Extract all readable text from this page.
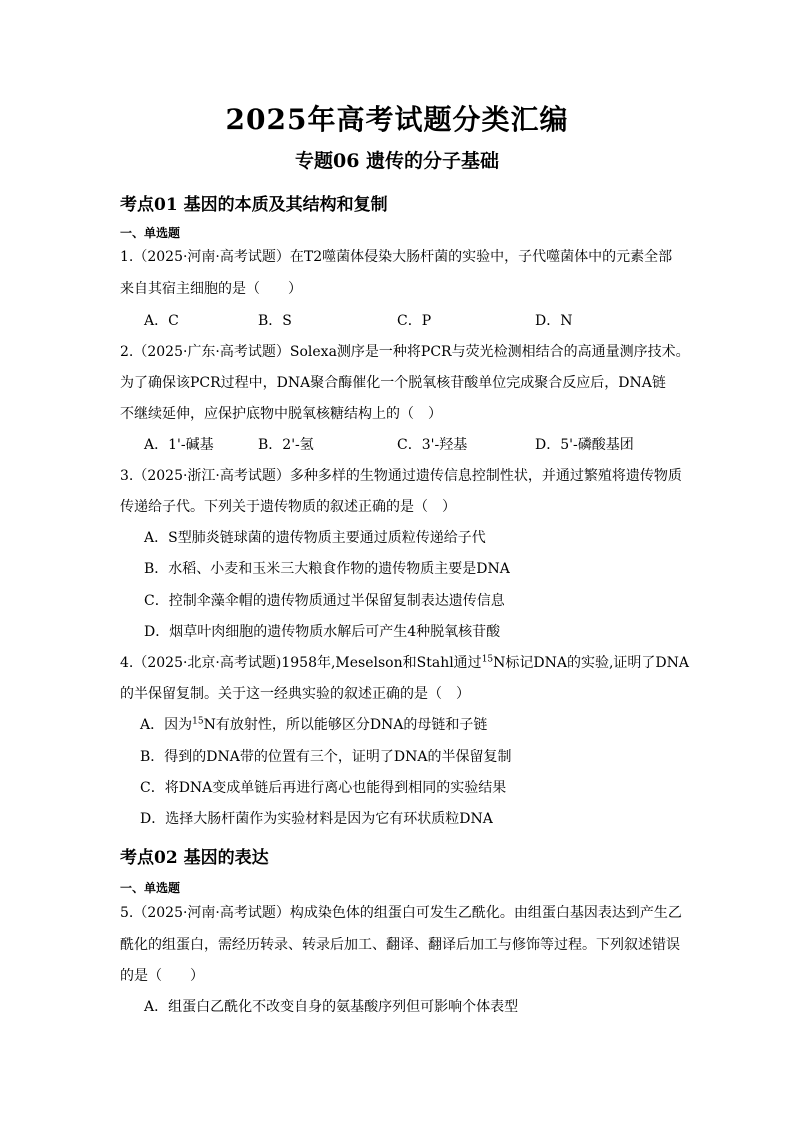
2025年高考试题分类汇编
专题06 遗传的分子基础
考点01 基因的本质及其结构和复制
一、单选题
1.（2025·河南·高考试题）在T2噬菌体侵染大肠杆菌的实验中，子代噬菌体中的元素全部
来自其宿主细胞的是（　　）
A．C	B．S	C．P	D．N
2.（2025·广东·高考试题）Solexa测序是一种将PCR与荧光检测相结合的高通量测序技术。
为了确保该PCR过程中，DNA聚合酶催化一个脱氧核苷酸单位完成聚合反应后，DNA链
不继续延伸，应保护底物中脱氧核糖结构上的（　）
A．1'-碱基	B．2'-氢	C．3'-羟基	D．5'-磷酸基团
3.（2025·浙江·高考试题）多种多样的生物通过遗传信息控制性状，并通过繁殖将遗传物质
传递给子代。下列关于遗传物质的叙述正确的是（　）
A．S型肺炎链球菌的遗传物质主要通过质粒传递给子代
B．水稻、小麦和玉米三大粮食作物的遗传物质主要是DNA
C．控制伞藻伞帽的遗传物质通过半保留复制表达遗传信息
D．烟草叶肉细胞的遗传物质水解后可产生4种脱氧核苷酸
4.（2025·北京·高考试题)1958年,Meselson和Stahl通过$^{15}$N标记DNA的实验,证明了DNA
的半保留复制。关于这一经典实验的叙述正确的是（　）
A．因为$^{15}$N有放射性，所以能够区分DNA的母链和子链
B．得到的DNA带的位置有三个，证明了DNA的半保留复制
C．将DNA变成单链后再进行离心也能得到相同的实验结果
D．选择大肠杆菌作为实验材料是因为它有环状质粒DNA
考点02 基因的表达
一、单选题
5.（2025·河南·高考试题）构成染色体的组蛋白可发生乙酰化。由组蛋白基因表达到产生乙
酰化的组蛋白，需经历转录、转录后加工、翻译、翻译后加工与修饰等过程。下列叙述错误
的是（　　）
A．组蛋白乙酰化不改变自身的氨基酸序列但可影响个体表型
